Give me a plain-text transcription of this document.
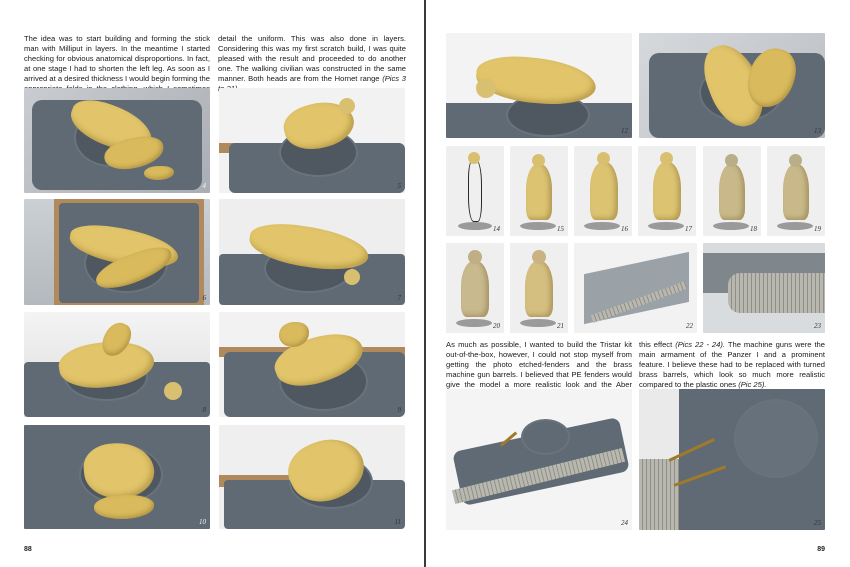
The idea was to start building and forming the stick man with Milliput in layers. In the meantime I started checking for obvious anatomical disproportions. In fact, at one stage I had to shorten the left leg. As soon as I arrived at a desired thickness I would begin forming the
detail the uniform. This was also done in layers. Considering this was my first scratch build, I was quite pleased with the result and proceeded to do another one. The walking civilian was constructed in the same manner. Both heads are from the Hornet range (Pics 3
4	5
6	7
8	9
10	11
88
12	13
14	15	16	17	18	19
20	21	22	23
As much as possible, I wanted to build the Tristar kit out-of-the-box, however, I could not stop myself from getting the photo etched-fenders and the brass machine gun barrels. I believed that PE fenders would give the model a more realistic look and the Aber
this effect (Pics 22 - 24). The machine guns were the main armament of the Panzer I and a prominent feature. I believe these had to be replaced with turned brass barrels, which look so much more realistic compared to the plastic ones (Pic 25).
24	25
89
